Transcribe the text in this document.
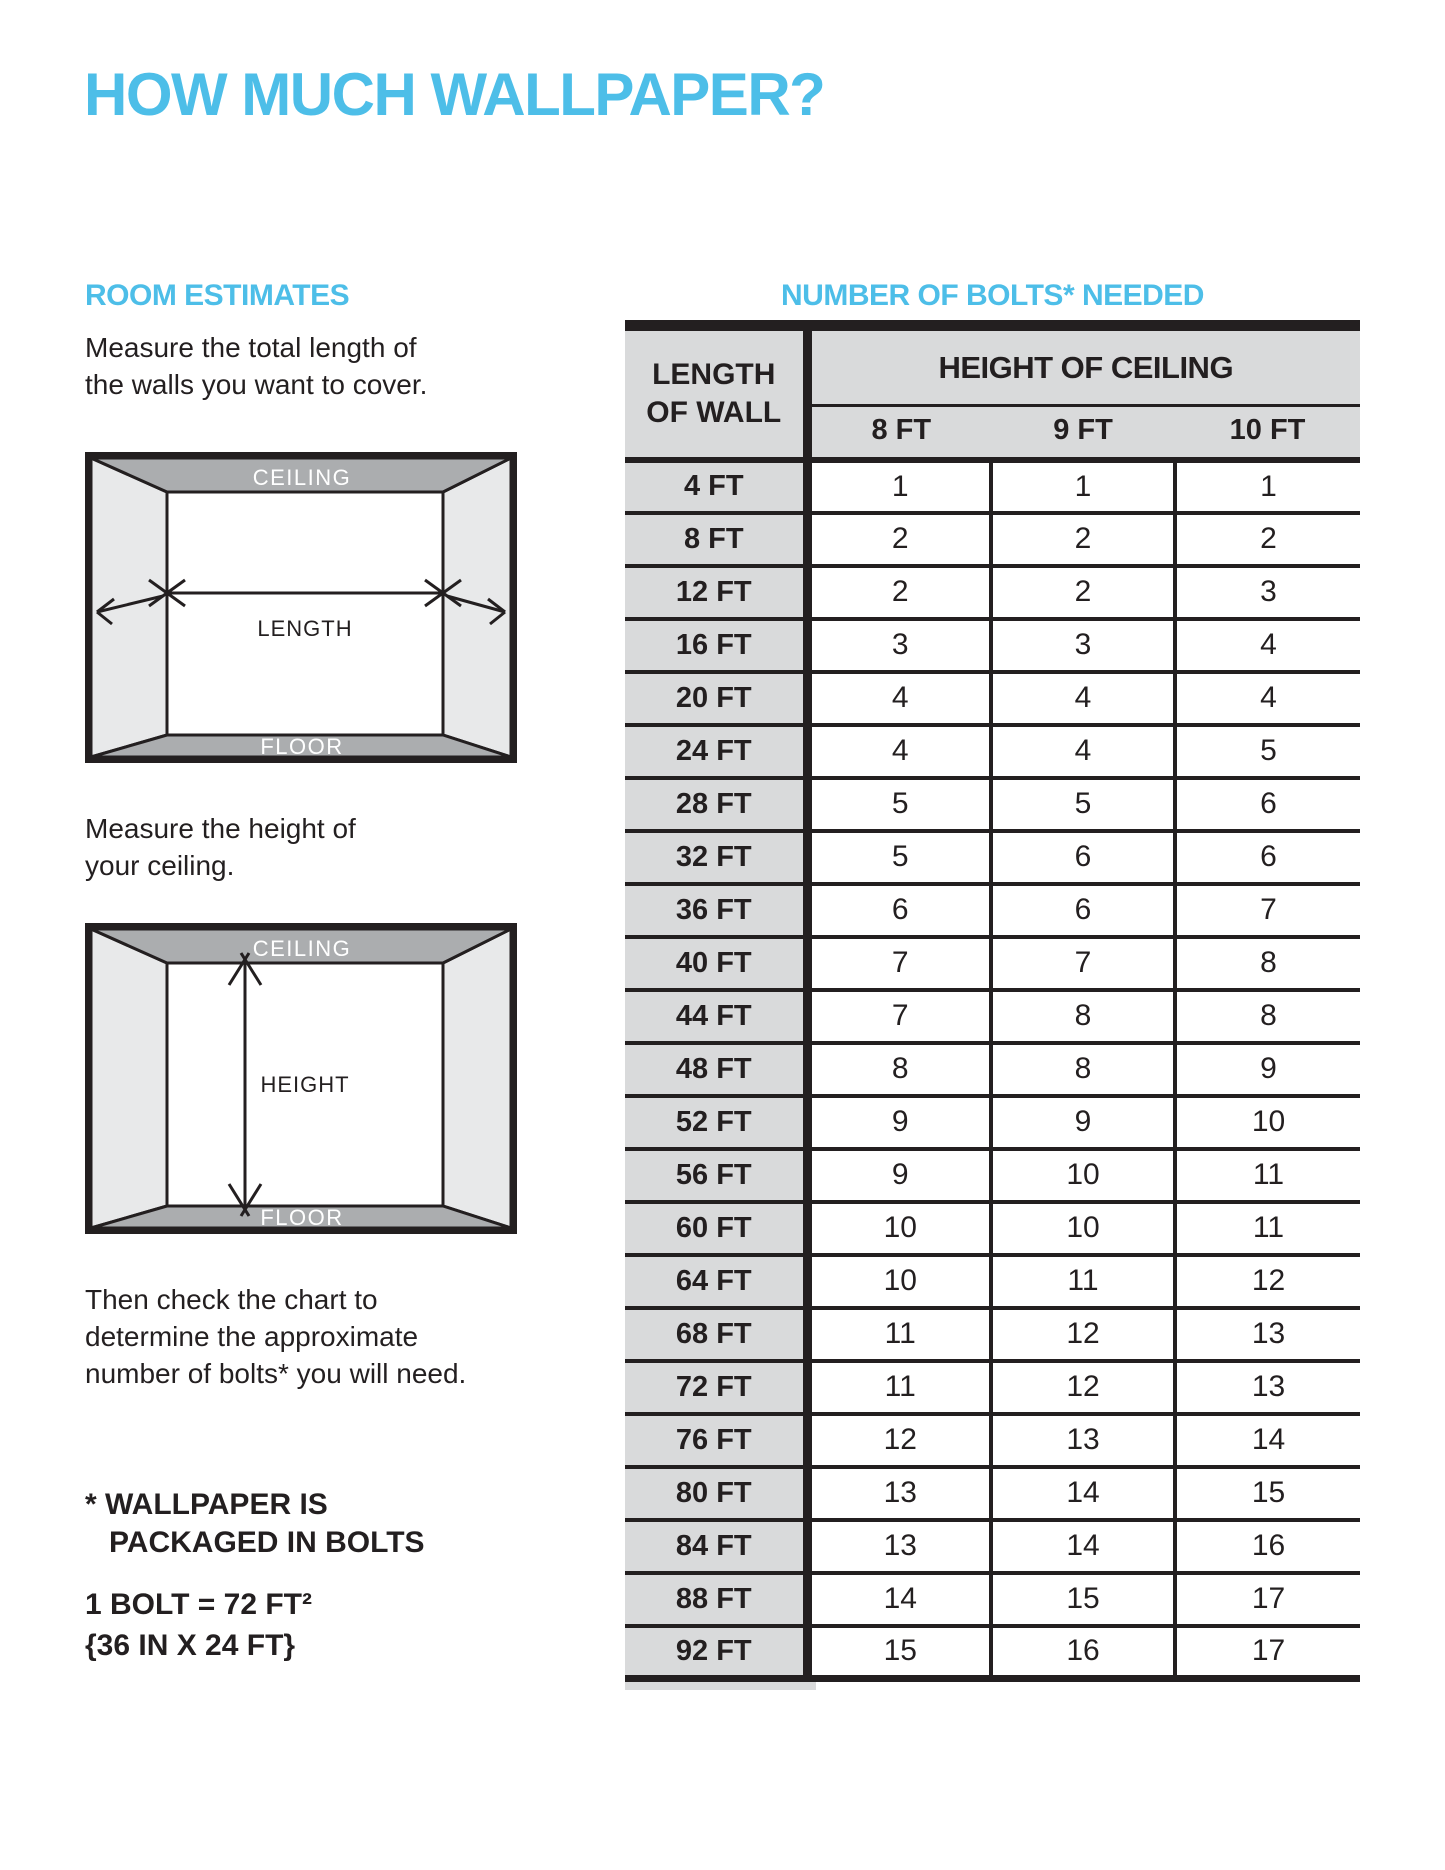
HOW MUCH WALLPAPER?
ROOM ESTIMATES	NUMBER OF BOLTS* NEEDED
Measure the total length of
the walls you want to cover.
CEILING
FLOOR
LENGTH
Measure the height of
your ceiling.
CEILING
FLOOR
HEIGHT
Then check the chart to
determine the approximate
number of bolts* you will need.
* WALLPAPER IS
PACKAGED IN BOLTS
1 BOLT = 72 FT²
{36 IN X 24 FT}
LENGTH
OF WALL	HEIGHT OF CEILING		
	8 FT	9 FT	10 FT
4 FT	1	1	1
8 FT	2	2	2
12 FT	2	2	3
16 FT	3	3	4
20 FT	4	4	4
24 FT	4	4	5
28 FT	5	5	6
32 FT	5	6	6
36 FT	6	6	7
40 FT	7	7	8
44 FT	7	8	8
48 FT	8	8	9
52 FT	9	9	10
56 FT	9	10	11
60 FT	10	10	11
64 FT	10	11	12
68 FT	11	12	13
72 FT	11	12	13
76 FT	12	13	14
80 FT	13	14	15
84 FT	13	14	16
88 FT	14	15	17
92 FT	15	16	17
